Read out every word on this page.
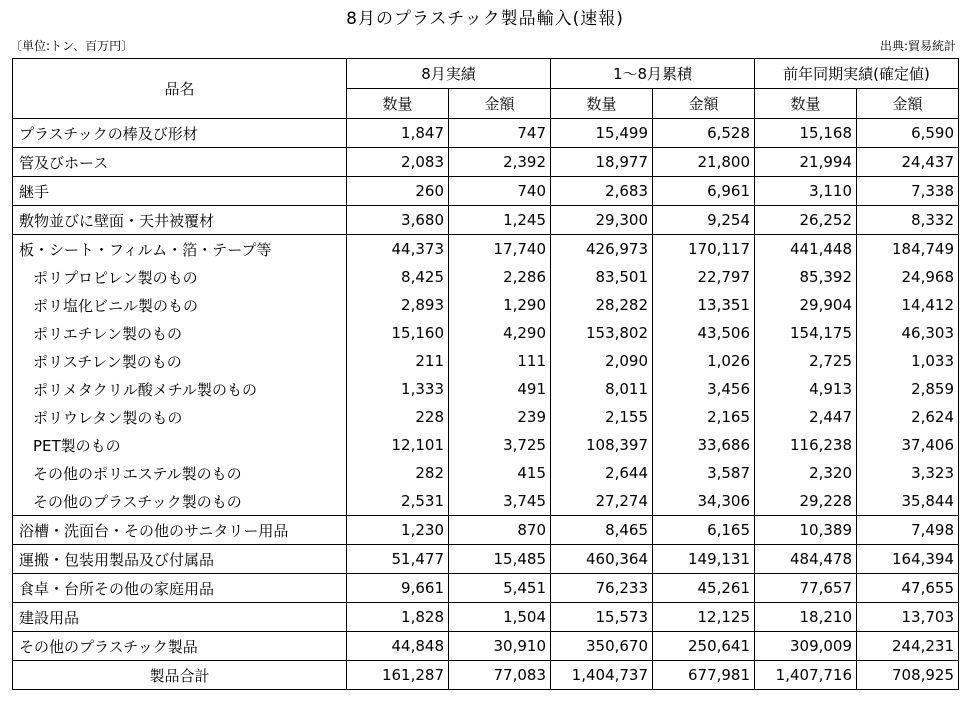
8月のプラスチック製品輸入(速報)
〔単位:トン、百万円〕	出典:貿易統計
品名	8月実績		1～8月累積		前年同期実績(確定値)	
	数量	金額	数量	金額	数量	金額
プラスチックの棒及び形材	1,847	747	15,499	6,528	15,168	6,590
管及びホース	2,083	2,392	18,977	21,800	21,994	24,437
継手	260	740	2,683	6,961	3,110	7,338
敷物並びに壁面・天井被覆材	3,680	1,245	29,300	9,254	26,252	8,332
板・シート・フィルム・箔・テープ等	44,373	17,740	426,973	170,117	441,448	184,749
ポリプロピレン製のもの	8,425	2,286	83,501	22,797	85,392	24,968
ポリ塩化ビニル製のもの	2,893	1,290	28,282	13,351	29,904	14,412
ポリエチレン製のもの	15,160	4,290	153,802	43,506	154,175	46,303
ポリスチレン製のもの	211	111	2,090	1,026	2,725	1,033
ポリメタクリル酸メチル製のもの	1,333	491	8,011	3,456	4,913	2,859
ポリウレタン製のもの	228	239	2,155	2,165	2,447	2,624
PET製のもの	12,101	3,725	108,397	33,686	116,238	37,406
その他のポリエステル製のもの	282	415	2,644	3,587	2,320	3,323
その他のプラスチック製のもの	2,531	3,745	27,274	34,306	29,228	35,844
浴槽・洗面台・その他のサニタリー用品	1,230	870	8,465	6,165	10,389	7,498
運搬・包装用製品及び付属品	51,477	15,485	460,364	149,131	484,478	164,394
食卓・台所その他の家庭用品	9,661	5,451	76,233	45,261	77,657	47,655
建設用品	1,828	1,504	15,573	12,125	18,210	13,703
その他のプラスチック製品	44,848	30,910	350,670	250,641	309,009	244,231
製品合計	161,287	77,083	1,404,737	677,981	1,407,716	708,925
